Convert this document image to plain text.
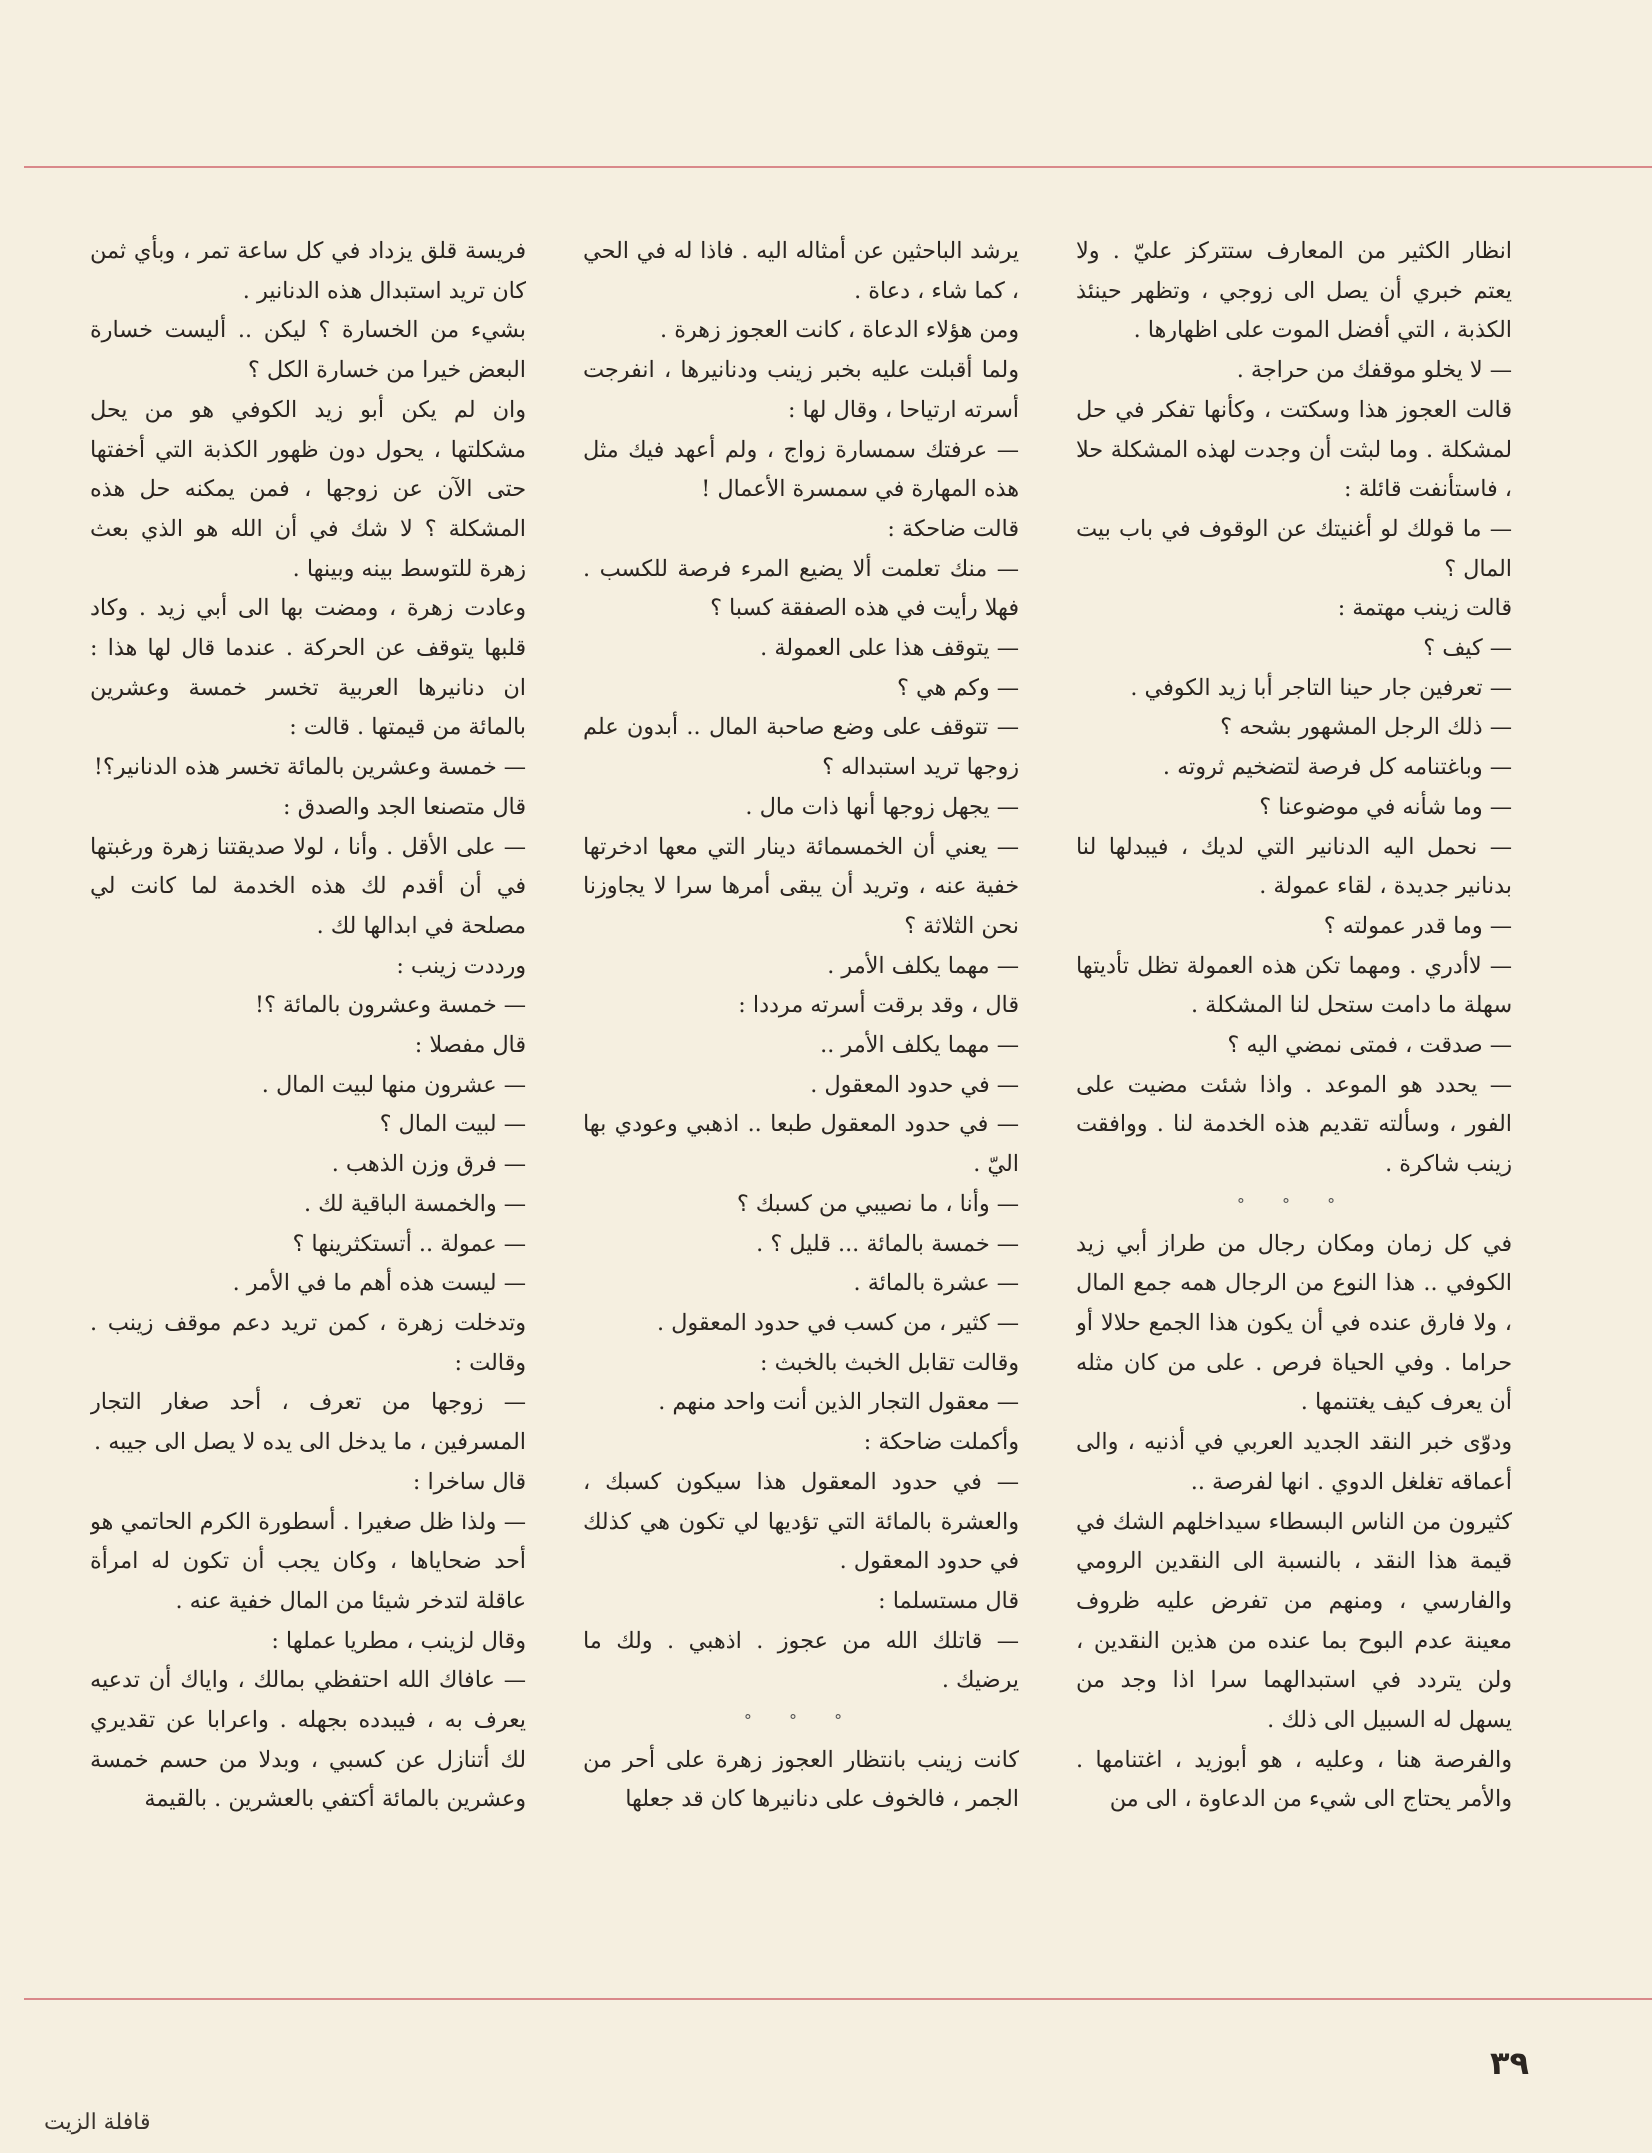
انظار الكثير من المعارف ستتركز عليّ . ولا يعتم خبري أن يصل الى زوجي ، وتظهر حينئذ الكذبة ، التي أفضل الموت على اظهارها .

— لا يخلو موقفك من حراجة .

قالت العجوز هذا وسكتت ، وكأنها تفكر في حل لمشكلة . وما لبثت أن وجدت لهذه المشكلة حلا ، فاستأنفت قائلة :

— ما قولك لو أغنيتك عن الوقوف في باب بيت المال ؟

قالت زينب مهتمة :

— كيف ؟

— تعرفين جار حينا التاجر أبا زيد الكوفي .

— ذلك الرجل المشهور بشحه ؟

— وباغتنامه كل فرصة لتضخيم ثروته .

— وما شأنه في موضوعنا ؟

— نحمل اليه الدنانير التي لديك ، فيبدلها لنا بدنانير جديدة ، لقاء عمولة .

— وما قدر عمولته ؟

— لاأدري . ومهما تكن هذه العمولة تظل تأديتها سهلة ما دامت ستحل لنا المشكلة .

— صدقت ، فمتى نمضي اليه ؟

— يحدد هو الموعد . واذا شئت مضيت على الفور ، وسألته تقديم هذه الخدمة لنا . ووافقت زينب شاكرة .

° ° °

في كل زمان ومكان رجال من طراز أبي زيد الكوفي .. هذا النوع من الرجال همه جمع المال ، ولا فارق عنده في أن يكون هذا الجمع حلالا أو حراما . وفي الحياة فرص . على من كان مثله أن يعرف كيف يغتنمها .

ودوّى خبر النقد الجديد العربي في أذنيه ، والى أعماقه تغلغل الدوي . انها لفرصة ..

كثيرون من الناس البسطاء سيداخلهم الشك في قيمة هذا النقد ، بالنسبة الى النقدين الرومي والفارسي ، ومنهم من تفرض عليه ظروف معينة عدم البوح بما عنده من هذين النقدين ، ولن يتردد في استبدالهما سرا اذا وجد من يسهل له السبيل الى ذلك .

والفرصة هنا ، وعليه ، هو أبوزيد ، اغتنامها . والأمر يحتاج الى شيء من الدعاوة ، الى من

يرشد الباحثين عن أمثاله اليه . فاذا له في الحي ، كما شاء ، دعاة .

ومن هؤلاء الدعاة ، كانت العجوز زهرة .

ولما أقبلت عليه بخبر زينب ودنانيرها ، انفرجت أسرته ارتياحا ، وقال لها :

— عرفتك سمسارة زواج ، ولم أعهد فيك مثل هذه المهارة في سمسرة الأعمال !

قالت ضاحكة :

— منك تعلمت ألا يضيع المرء فرصة للكسب . فهلا رأيت في هذه الصفقة كسبا ؟

— يتوقف هذا على العمولة .

— وكم هي ؟

— تتوقف على وضع صاحبة المال .. أبدون علم زوجها تريد استبداله ؟

— يجهل زوجها أنها ذات مال .

— يعني أن الخمسمائة دينار التي معها ادخرتها خفية عنه ، وتريد أن يبقى أمرها سرا لا يجاوزنا نحن الثلاثة ؟

— مهما يكلف الأمر .

قال ، وقد برقت أسرته مرددا :

— مهما يكلف الأمر ..

— في حدود المعقول .

— في حدود المعقول طبعا .. اذهبي وعودي بها اليّ .

— وأنا ، ما نصيبي من كسبك ؟

— خمسة بالمائة ... قليل ؟ .

— عشرة بالمائة .

— كثير ، من كسب في حدود المعقول .

وقالت تقابل الخبث بالخبث :

— معقول التجار الذين أنت واحد منهم .

وأكملت ضاحكة :

— في حدود المعقول هذا سيكون كسبك ، والعشرة بالمائة التي تؤديها لي تكون هي كذلك في حدود المعقول .

قال مستسلما :

— قاتلك الله من عجوز . اذهبي . ولك ما يرضيك .

° ° °

كانت زينب بانتظار العجوز زهرة على أحر من الجمر ، فالخوف على دنانيرها كان قد جعلها

فريسة قلق يزداد في كل ساعة تمر ، وبأي ثمن كان تريد استبدال هذه الدنانير .

بشيء من الخسارة ؟ ليكن .. أليست خسارة البعض خيرا من خسارة الكل ؟

وان لم يكن أبو زيد الكوفي هو من يحل مشكلتها ، يحول دون ظهور الكذبة التي أخفتها حتى الآن عن زوجها ، فمن يمكنه حل هذه المشكلة ؟ لا شك في أن الله هو الذي بعث زهرة للتوسط بينه وبينها .

وعادت زهرة ، ومضت بها الى أبي زيد . وكاد قلبها يتوقف عن الحركة . عندما قال لها هذا : ان دنانيرها العربية تخسر خمسة وعشرين بالمائة من قيمتها . قالت :

— خمسة وعشرين بالمائة تخسر هذه الدنانير؟!

قال متصنعا الجد والصدق :

— على الأقل . وأنا ، لولا صديقتنا زهرة ورغبتها في أن أقدم لك هذه الخدمة لما كانت لي مصلحة في ابدالها لك .

ورددت زينب :

— خمسة وعشرون بالمائة ؟!

قال مفصلا :

— عشرون منها لبيت المال .

— لبيت المال ؟

— فرق وزن الذهب .

— والخمسة الباقية لك .

— عمولة .. أتستكثرينها ؟

— ليست هذه أهم ما في الأمر .

وتدخلت زهرة ، كمن تريد دعم موقف زينب . وقالت :

— زوجها من تعرف ، أحد صغار التجار المسرفين ، ما يدخل الى يده لا يصل الى جيبه .

قال ساخرا :

— ولذا ظل صغيرا . أسطورة الكرم الحاتمي هو أحد ضحاياها ، وكان يجب أن تكون له امرأة عاقلة لتدخر شيئا من المال خفية عنه .

وقال لزينب ، مطريا عملها :

— عافاك الله احتفظي بمالك ، واياك أن تدعيه يعرف به ، فيبدده بجهله . واعرابا عن تقديري لك أتنازل عن كسبي ، وبدلا من حسم خمسة وعشرين بالمائة أكتفي بالعشرين . بالقيمة

٣٩
قافلة الزيت
